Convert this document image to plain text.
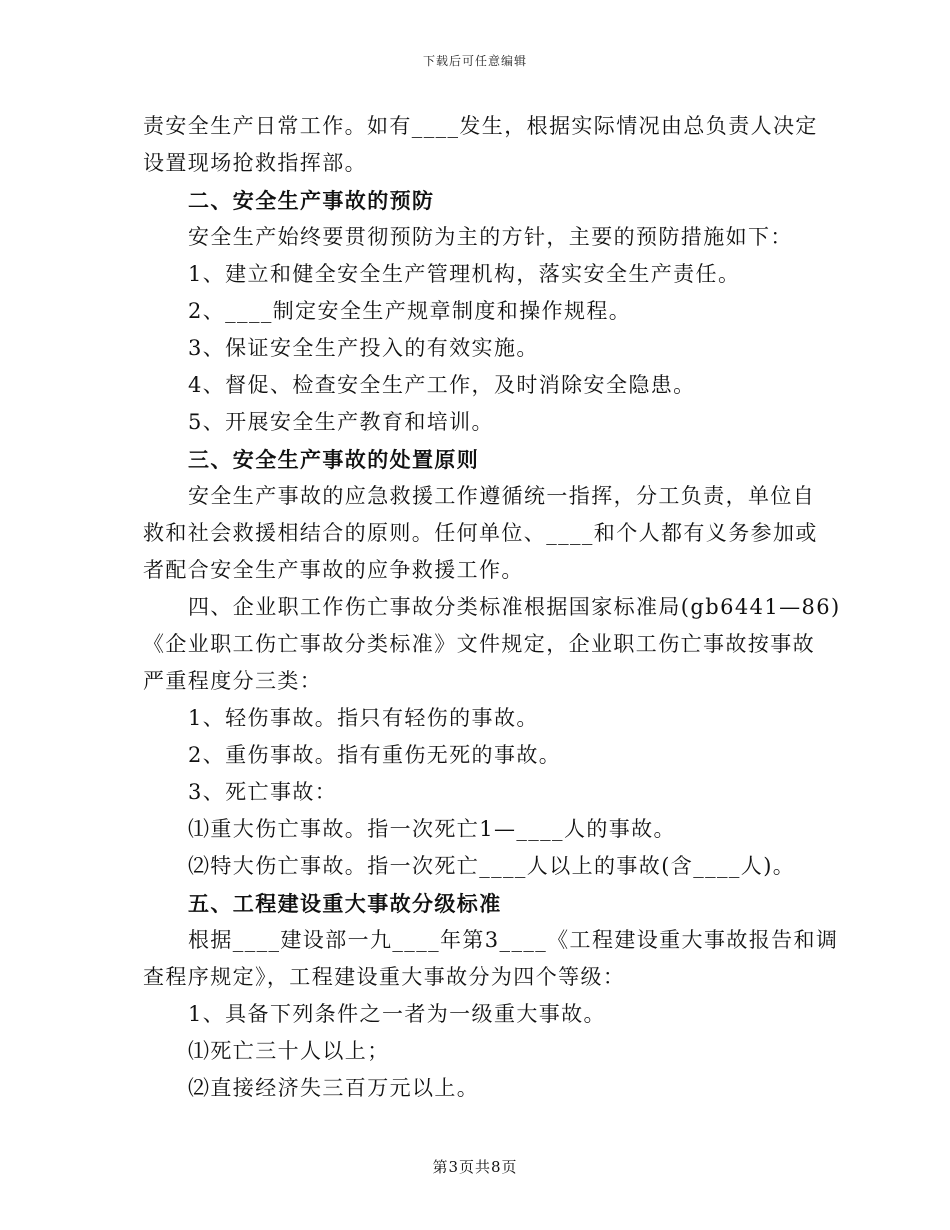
下载后可任意编辑
责安全生产日常工作。如有____发生，根据实际情况由总负责人决定
设置现场抢救指挥部。
二、安全生产事故的预防
安全生产始终要贯彻预防为主的方针，主要的预防措施如下：
1、建立和健全安全生产管理机构，落实安全生产责任。
2、____制定安全生产规章制度和操作规程。
3、保证安全生产投入的有效实施。
4、督促、检查安全生产工作，及时消除安全隐患。
5、开展安全生产教育和培训。
三、安全生产事故的处置原则
安全生产事故的应急救援工作遵循统一指挥，分工负责，单位自
救和社会救援相结合的原则。任何单位、____和个人都有义务参加或
者配合安全生产事故的应争救援工作。
四、企业职工作伤亡事故分类标准根据国家标准局(gb6441—86)
《企业职工伤亡事故分类标准》文件规定，企业职工伤亡事故按事故
严重程度分三类：
1、轻伤事故。指只有轻伤的事故。
2、重伤事故。指有重伤无死的事故。
3、死亡事故：
⑴重大伤亡事故。指一次死亡1—____人的事故。
⑵特大伤亡事故。指一次死亡____人以上的事故(含____人)。
五、工程建设重大事故分级标准
根据____建设部一九____年第3____《工程建设重大事故报告和调
查程序规定》，工程建设重大事故分为四个等级：
1、具备下列条件之一者为一级重大事故。
⑴死亡三十人以上；
⑵直接经济失三百万元以上。
第3页共8页
